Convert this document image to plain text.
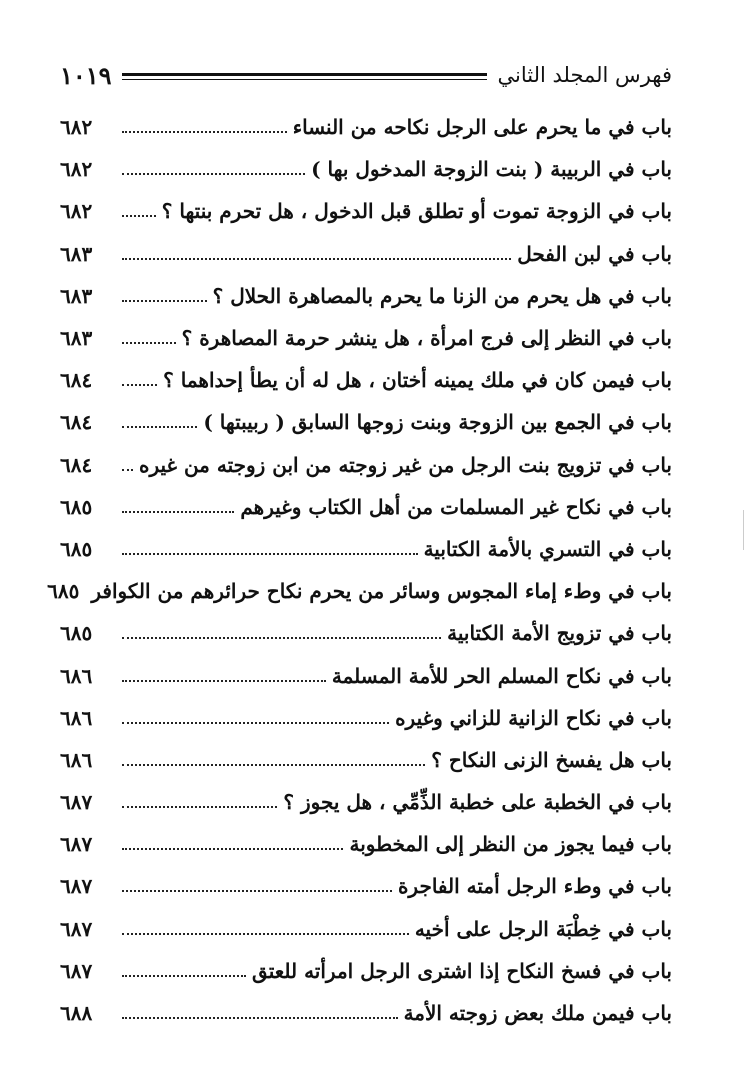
فهرس المجلد الثاني
١٠١٩
باب في ما يحرم على الرجل نكاحه من النساء
٦٨٢
باب في الربيبة ( بنت الزوجة المدخول بها )
٦٨٢
باب في الزوجة تموت أو تطلق قبل الدخول ، هل تحرم بنتها ؟
٦٨٢
باب في لبن الفحل
٦٨٣
باب في هل يحرم من الزنا ما يحرم بالمصاهرة الحلال ؟
٦٨٣
باب في النظر إلى فرج امرأة ، هل ينشر حرمة المصاهرة ؟
٦٨٣
باب فيمن كان في ملك يمينه أختان ، هل له أن يطأ إحداهما ؟
٦٨٤
باب في الجمع بين الزوجة وبنت زوجها السابق ( ربيبتها )
٦٨٤
باب في تزويج بنت الرجل من غير زوجته من ابن زوجته من غيره
٦٨٤
باب في نكاح غير المسلمات من أهل الكتاب وغيرهم
٦٨٥
باب في التسري بالأمة الكتابية
٦٨٥
باب في وطء إماء المجوس وسائر من يحرم نكاح حرائرهم من الكوافر
٦٨٥
باب في تزويج الأمة الكتابية
٦٨٥
باب في نكاح المسلم الحر للأمة المسلمة
٦٨٦
باب في نكاح الزانية للزاني وغيره
٦٨٦
باب هل يفسخ الزنى النكاح ؟
٦٨٦
باب في الخطبة على خطبة الذِّمِّي ، هل يجوز ؟
٦٨٧
باب فيما يجوز من النظر إلى المخطوبة
٦٨٧
باب في وطء الرجل أمته الفاجرة
٦٨٧
باب في خِطْبَة الرجل على أخيه
٦٨٧
باب في فسخ النكاح إذا اشترى الرجل امرأته للعتق
٦٨٧
باب فيمن ملك بعض زوجته الأمة
٦٨٨
